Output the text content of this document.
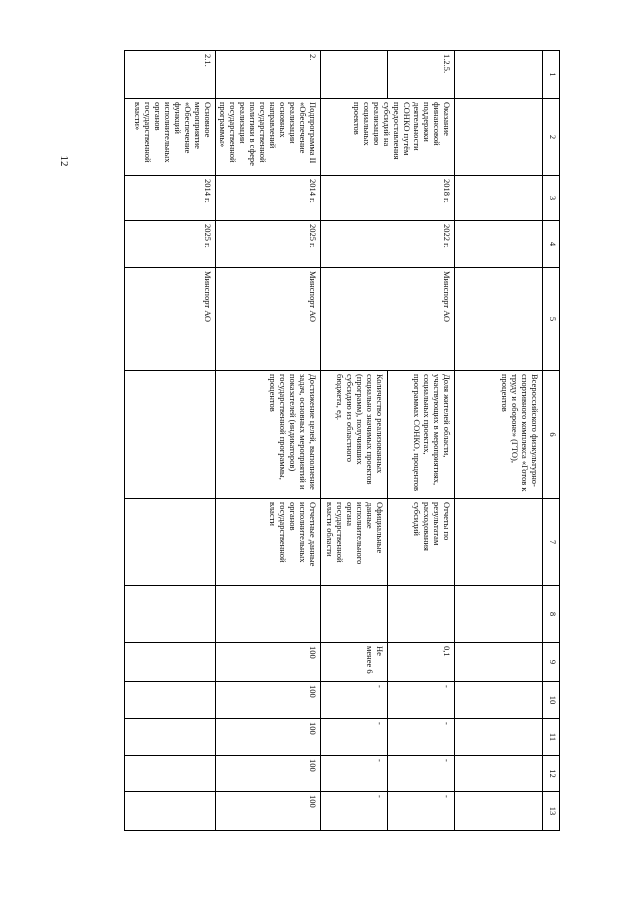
12
1	2	3	4	5	6	7	8	9	10	11	12	13
					Всероссийского физкультурно-спортивного комплекса «Готов к труду и обороне» (ГТО), процентов							
1.2.5.	Оказание финансовой поддержки деятельности СОНКО путём предоставления субсидий на реализацию социальных проектов	2018 г.	2022 г.	Минспорт АО	Доля жителей области, участвующих в мероприятиях, социальных проектах, программах СОНКО, процентов	Отчеты по результатам расходования субсидий		0,1	-	-	-	-
					Количество реализованных социально значимых проектов (программ), получивших субсидию из областного бюджета, ед.	Официальные данные исполнительного органа государственной власти области		Не менее 6	-	-	-	-
2.	Подпрограмма II «Обеспечение реализации основных направлений государственной политики в сфере реализации государственной программы»	2014 г.	2025 г.	Минспорт АО	Достижение целей, выполнение задач, основных мероприятий и показателей (индикаторов) государственной программы, процентов	Отчетные данные исполнительных органов государственной власти		100	100	100	100	100
2.1.	Основное мероприятие «Обеспечение функций исполнительных органов государственной власти»	2014 г.	2025 г.	Минспорт АО								
